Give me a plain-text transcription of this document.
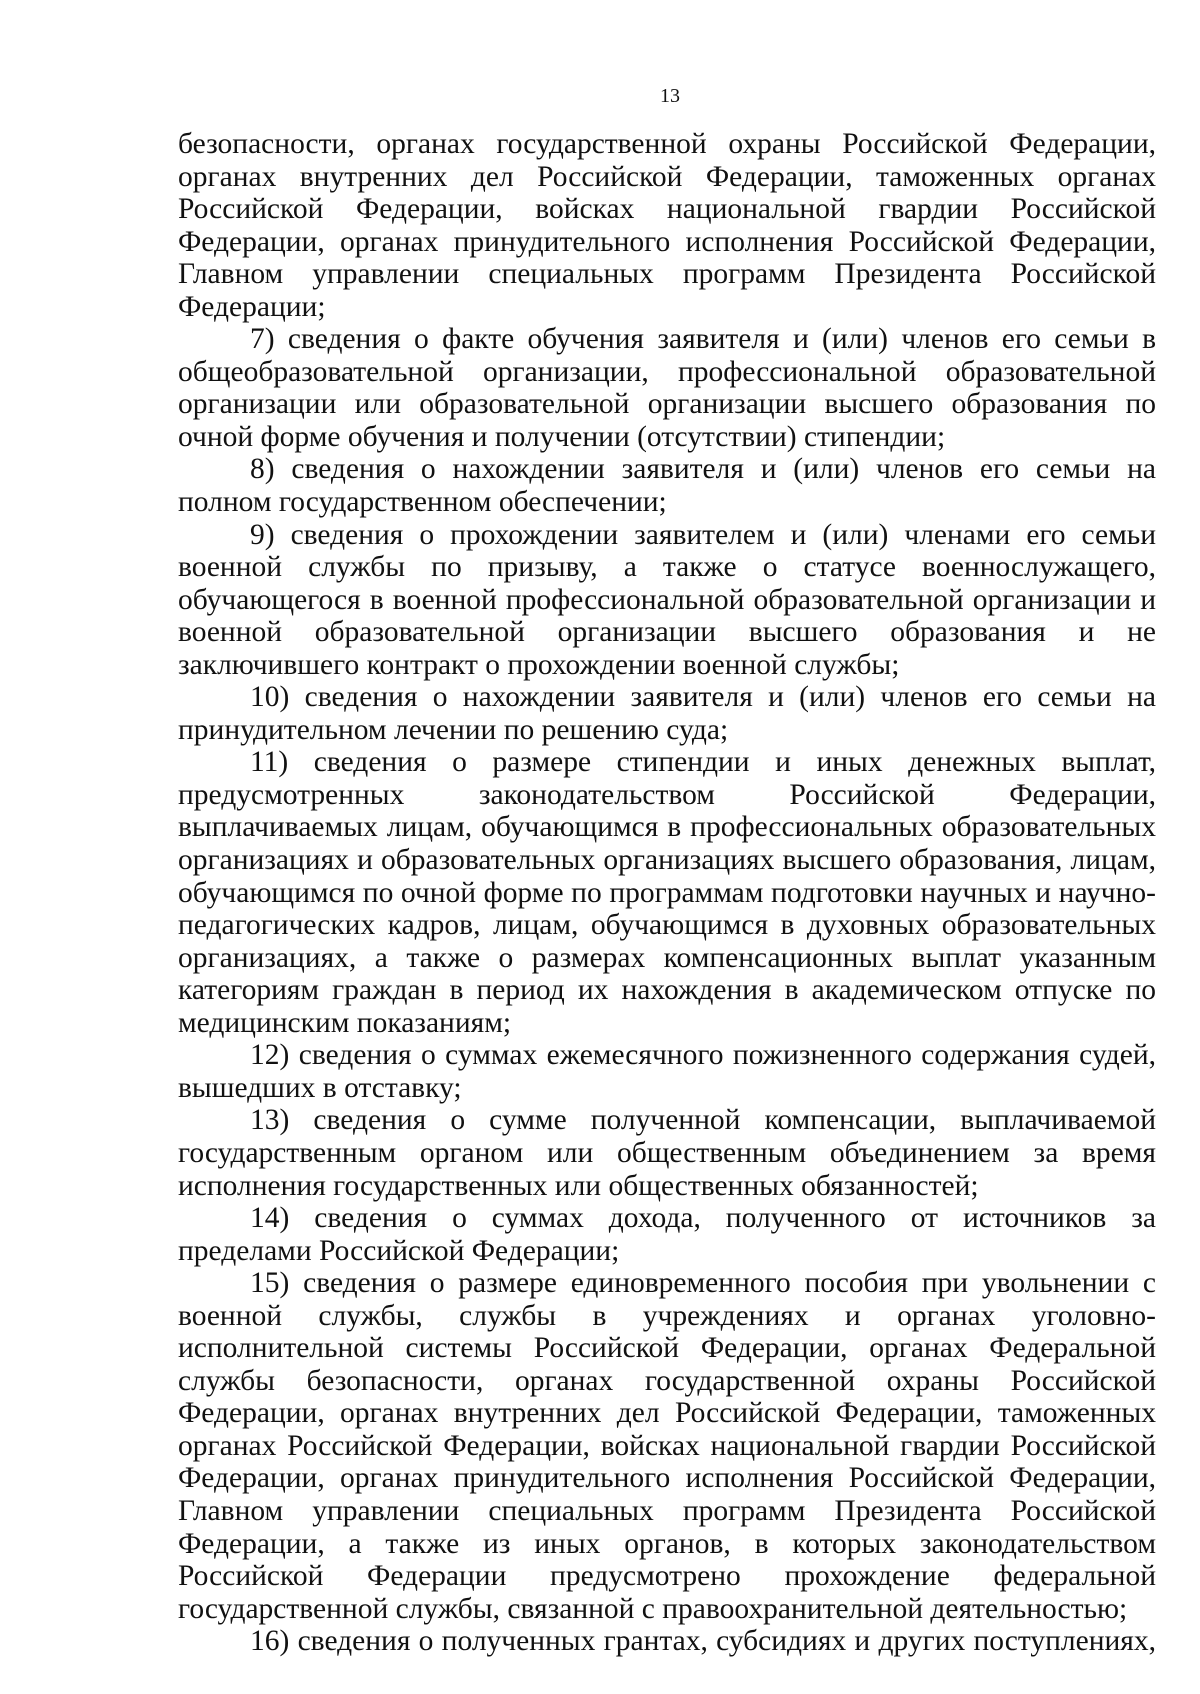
13

безопасности, органах государственной охраны Российской Федерации, органах внутренних дел Российской Федерации, таможенных органах Российской Федерации, войсках национальной гвардии Российской Федерации, органах принудительного исполнения Российской Федерации, Главном управлении специальных программ Президента Российской Федерации;

7) сведения о факте обучения заявителя и (или) членов его семьи в общеобразовательной организации, профессиональной образовательной организации или образовательной организации высшего образования по очной форме обучения и получении (отсутствии) стипендии;

8) сведения о нахождении заявителя и (или) членов его семьи на полном государственном обеспечении;

9) сведения о прохождении заявителем и (или) членами его семьи военной службы по призыву, а также о статусе военнослужащего, обучающегося в военной профессиональной образовательной организации и военной образовательной организации высшего образования и не заключившего контракт о прохождении военной службы;

10) сведения о нахождении заявителя и (или) членов его семьи на принудительном лечении по решению суда;

11) сведения о размере стипендии и иных денежных выплат, предусмотренных законодательством Российской Федерации, выплачиваемых лицам, обучающимся в профессиональных образовательных организациях и образовательных организациях высшего образования, лицам, обучающимся по очной форме по программам подготовки научных и научно-педагогических кадров, лицам, обучающимся в духовных образовательных организациях, а также о размерах компенсационных выплат указанным категориям граждан в период их нахождения в академическом отпуске по медицинским показаниям;

12) сведения о суммах ежемесячного пожизненного содержания судей, вышедших в отставку;

13) сведения о сумме полученной компенсации, выплачиваемой государственным органом или общественным объединением за время исполнения государственных или общественных обязанностей;

14) сведения о суммах дохода, полученного от источников за пределами Российской Федерации;

15) сведения о размере единовременного пособия при увольнении с военной службы, службы в учреждениях и органах уголовно-исполнительной системы Российской Федерации, органах Федеральной службы безопасности, органах государственной охраны Российской Федерации, органах внутренних дел Российской Федерации, таможенных органах Российской Федерации, войсках национальной гвардии Российской Федерации, органах принудительного исполнения Российской Федерации, Главном управлении специальных программ Президента Российской Федерации, а также из иных органов, в которых законодательством Российской Федерации предусмотрено прохождение федеральной государственной службы, связанной с правоохранительной деятельностью;

16) сведения о полученных грантах, субсидиях и других поступлениях,
